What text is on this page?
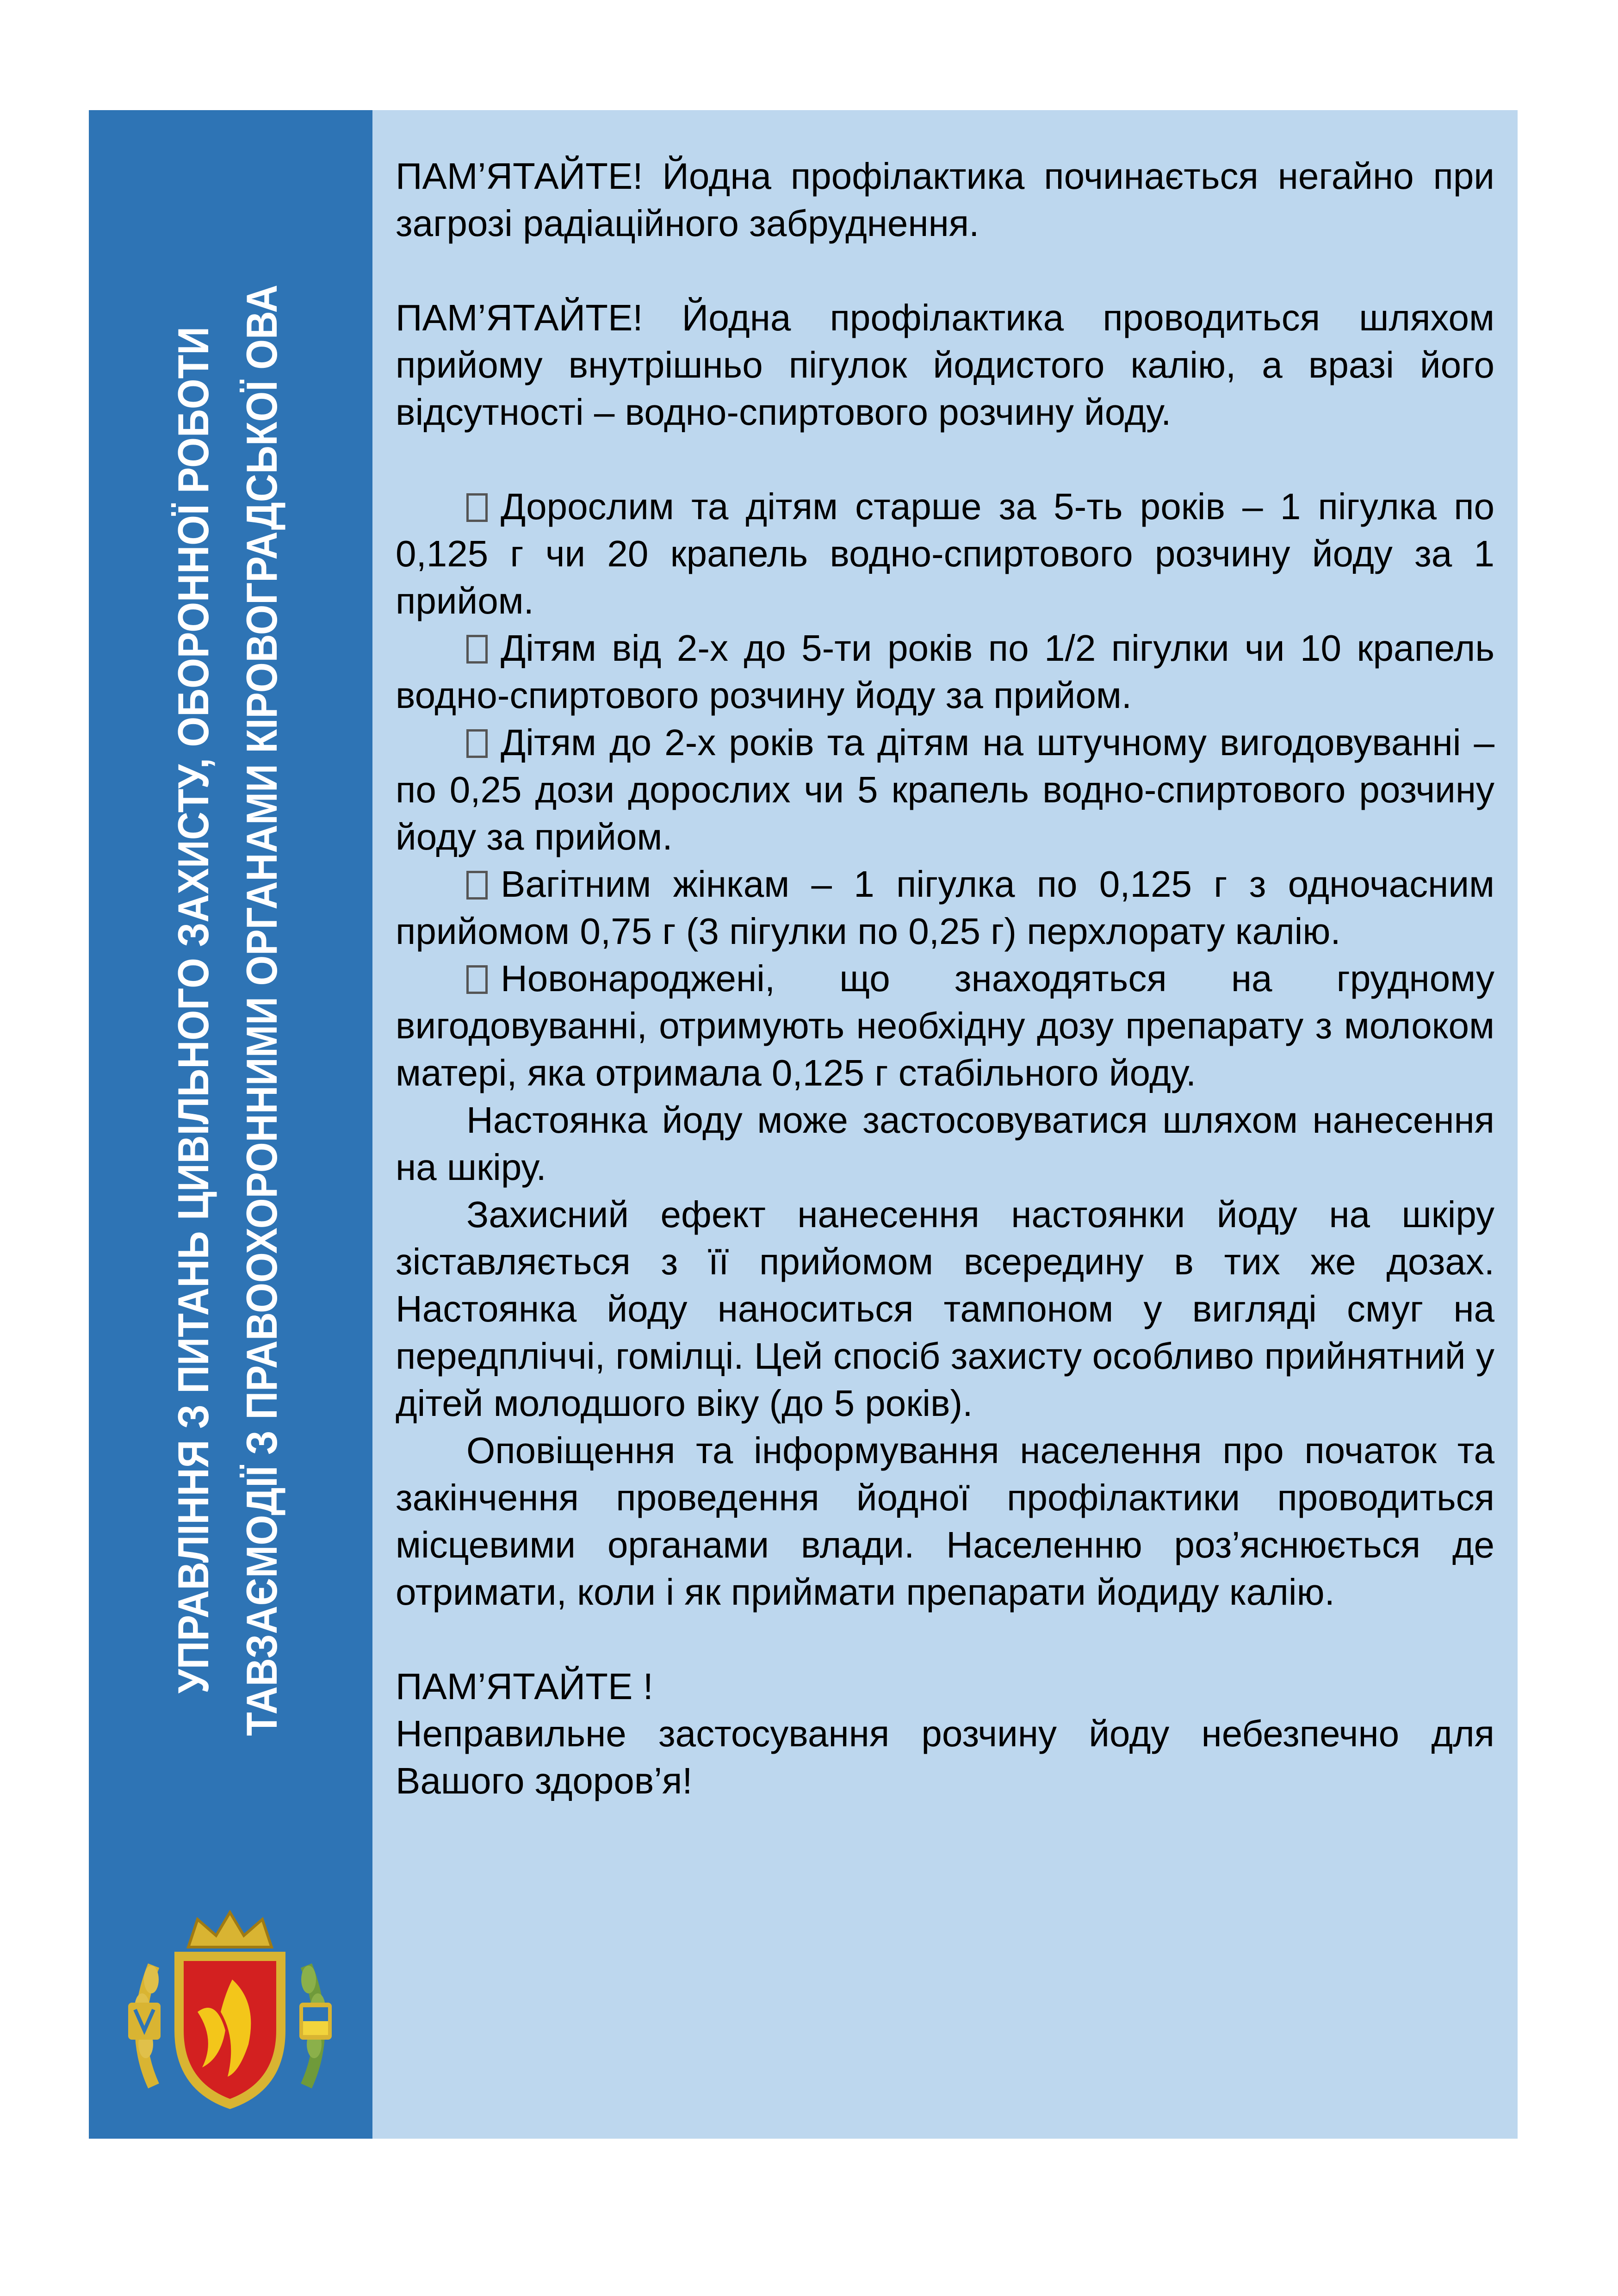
УПРАВЛІННЯ З ПИТАНЬ ЦИВІЛЬНОГО ЗАХИСТУ, ОБОРОННОЇ РОБОТИ ТАВЗАЄМОДІЇ З ПРАВООХОРОННИМИ ОРГАНАМИ КІРОВОГРАДСЬКОЇ ОВА

ПАМ’ЯТАЙТЕ! Йодна профілактика починається негайно при загрозі радіаційного забруднення.

ПАМ’ЯТАЙТЕ! Йодна профілактика проводиться шляхом прийому внутрішньо пігулок йодистого калію, а вразі його відсутності – водно-спиртового розчину йоду.

Дорослим та дітям старше за 5-ть років – 1 пігулка по 0,125 г чи 20 крапель водно-спиртового розчину йоду за 1 прийом.

Дітям від 2-х до 5-ти років по 1/2 пігулки чи 10 крапель водно-спиртового розчину йоду за прийом.

Дітям до 2-х років та дітям на штучному вигодовуванні – по 0,25 дози дорослих чи 5 крапель водно-спиртового розчину йоду за прийом.

Вагітним жінкам – 1 пігулка по 0,125 г з одночасним прийомом 0,75 г (3 пігулки по 0,25 г) перхлорату калію.

Новонароджені, що знаходяться на грудному вигодовуванні, отримують необхідну дозу препарату з молоком матері, яка отримала 0,125 г стабільного йоду.

Настоянка йоду може застосовуватися шляхом нанесення на шкіру.

Захисний ефект нанесення настоянки йоду на шкіру зіставляється з її прийомом всередину в тих же дозах. Настоянка йоду наноситься тампоном у вигляді смуг на передпліччі, гомілці. Цей спосіб захисту особливо прийнятний у дітей молодшого віку (до 5 років).

Оповіщення та інформування населення про початок та закінчення проведення йодної профілактики проводиться місцевими органами влади. Населенню роз’яснюється де отримати, коли і як приймати препарати йодиду калію.

ПАМ’ЯТАЙТЕ !

Неправильне застосування розчину йоду небезпечно для Вашого здоров’я!
